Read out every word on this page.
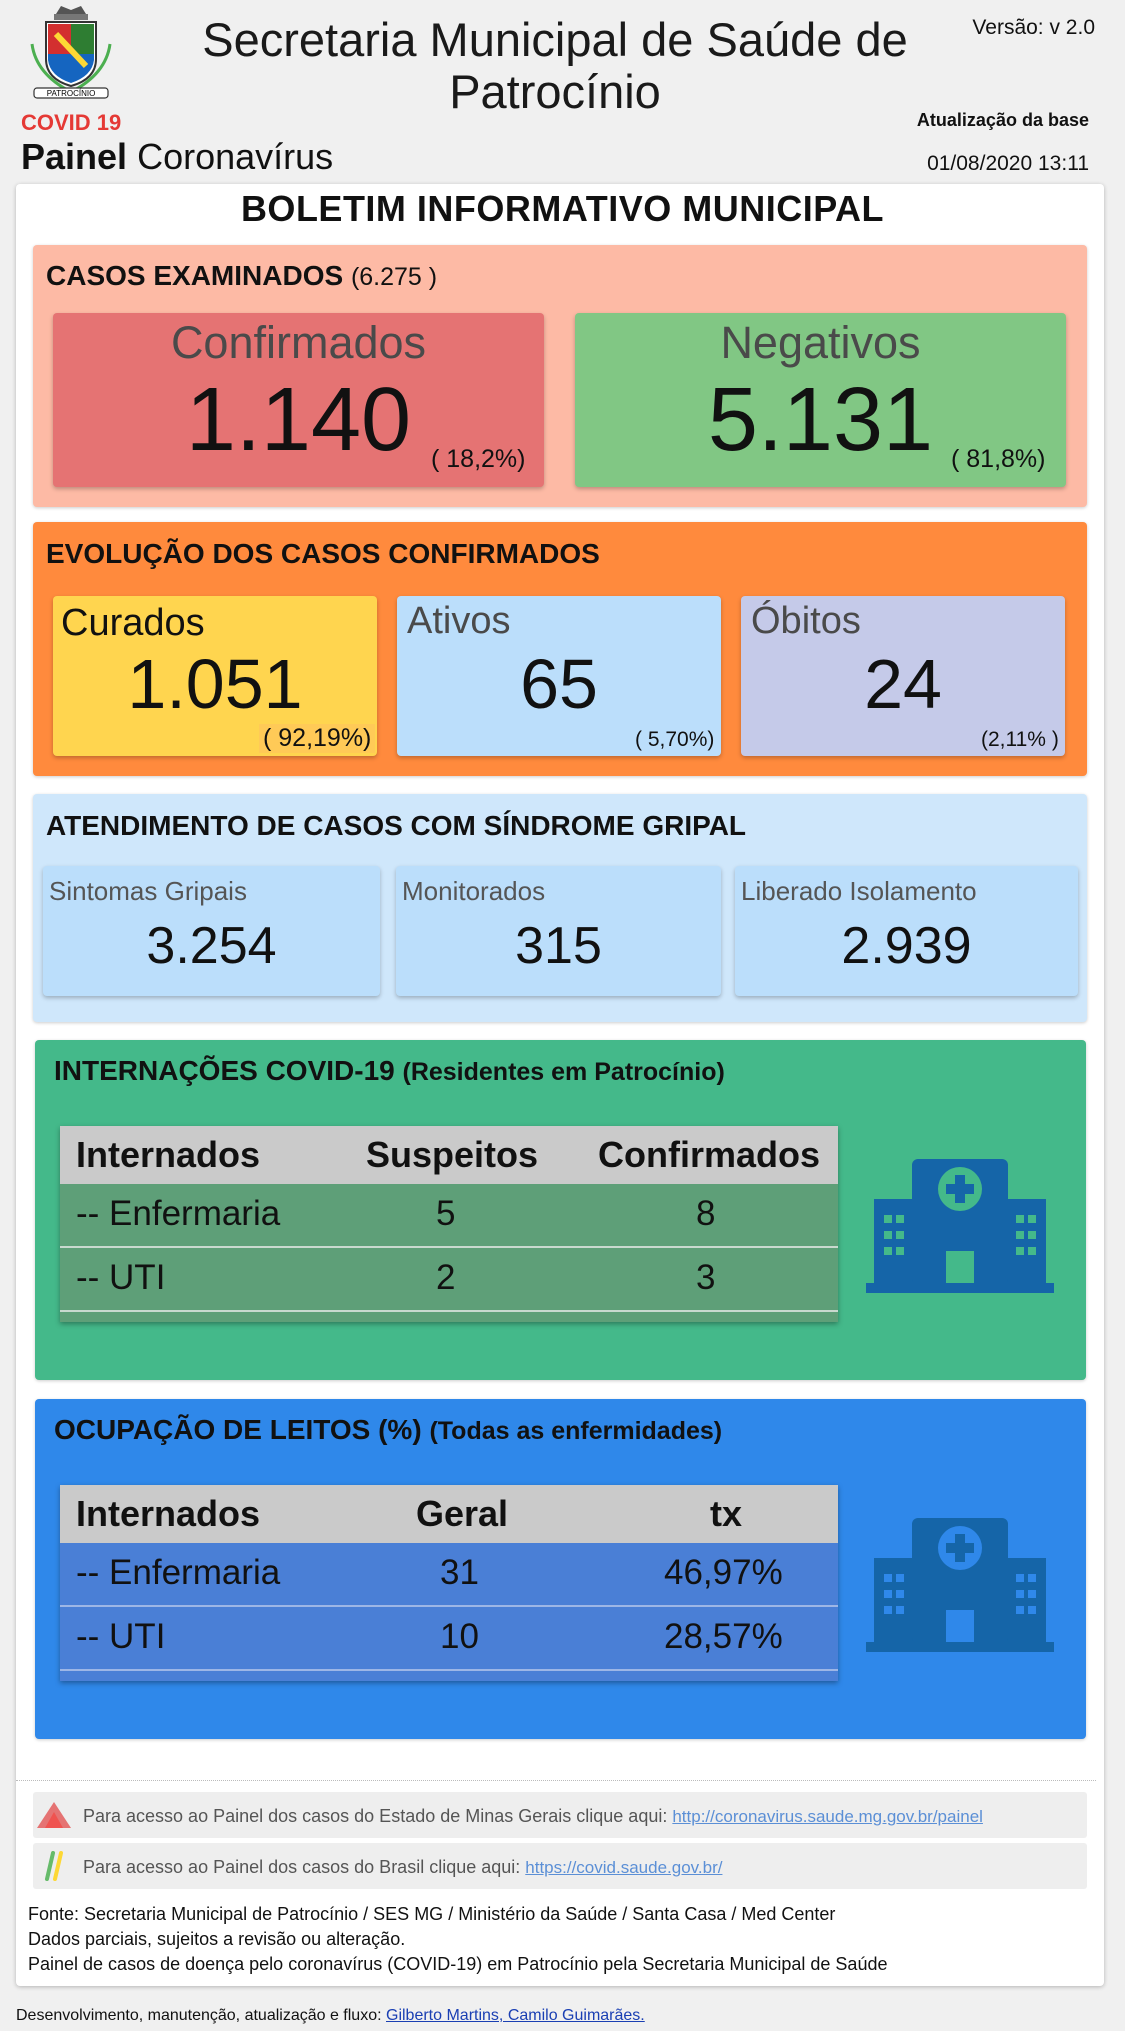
PATROCÍNIO
COVID 19
Painel Coronavírus
Secretaria Municipal de Saúde de Patrocínio
Versão: v 2.0
Atualização da base
01/08/2020 13:11
BOLETIM INFORMATIVO MUNICIPAL
CASOS EXAMINADOS (6.275 )
Confirmados
1.140 ( 18,2%)
Negativos
5.131 ( 81,8%)
EVOLUÇÃO DOS CASOS CONFIRMADOS
Curados
1.051
( 92,19%)
Ativos
65
( 5,70%)
Óbitos
24
(2,11% )
ATENDIMENTO DE CASOS COM SÍNDROME GRIPAL
Sintomas Gripais
3.254
Monitorados
315
Liberado Isolamento
2.939
INTERNAÇÕES COVID-19 (Residentes em Patrocínio)
Internados	Suspeitos Confirmados
-- Enfermaria	5	8
-- UTI	2	3
OCUPAÇÃO DE LEITOS (%) (Todas as enfermidades)
Internados	Geral	tx
-- Enfermaria	31	46,97%
-- UTI	10	28,57%
Para acesso ao Painel dos casos do Estado de Minas Gerais clique aqui: http://coronavirus.saude.mg.gov.br/painel
Para acesso ao Painel dos casos do Brasil clique aqui: https://covid.saude.gov.br/
Fonte: Secretaria Municipal de Patrocínio / SES MG / Ministério da Saúde / Santa Casa / Med Center
Dados parciais, sujeitos a revisão ou alteração.
Painel de casos de doença pelo coronavírus (COVID-19) em Patrocínio pela Secretaria Municipal de Saúde
Desenvolvimento, manutenção, atualização e fluxo: Gilberto Martins, Camilo Guimarães.
